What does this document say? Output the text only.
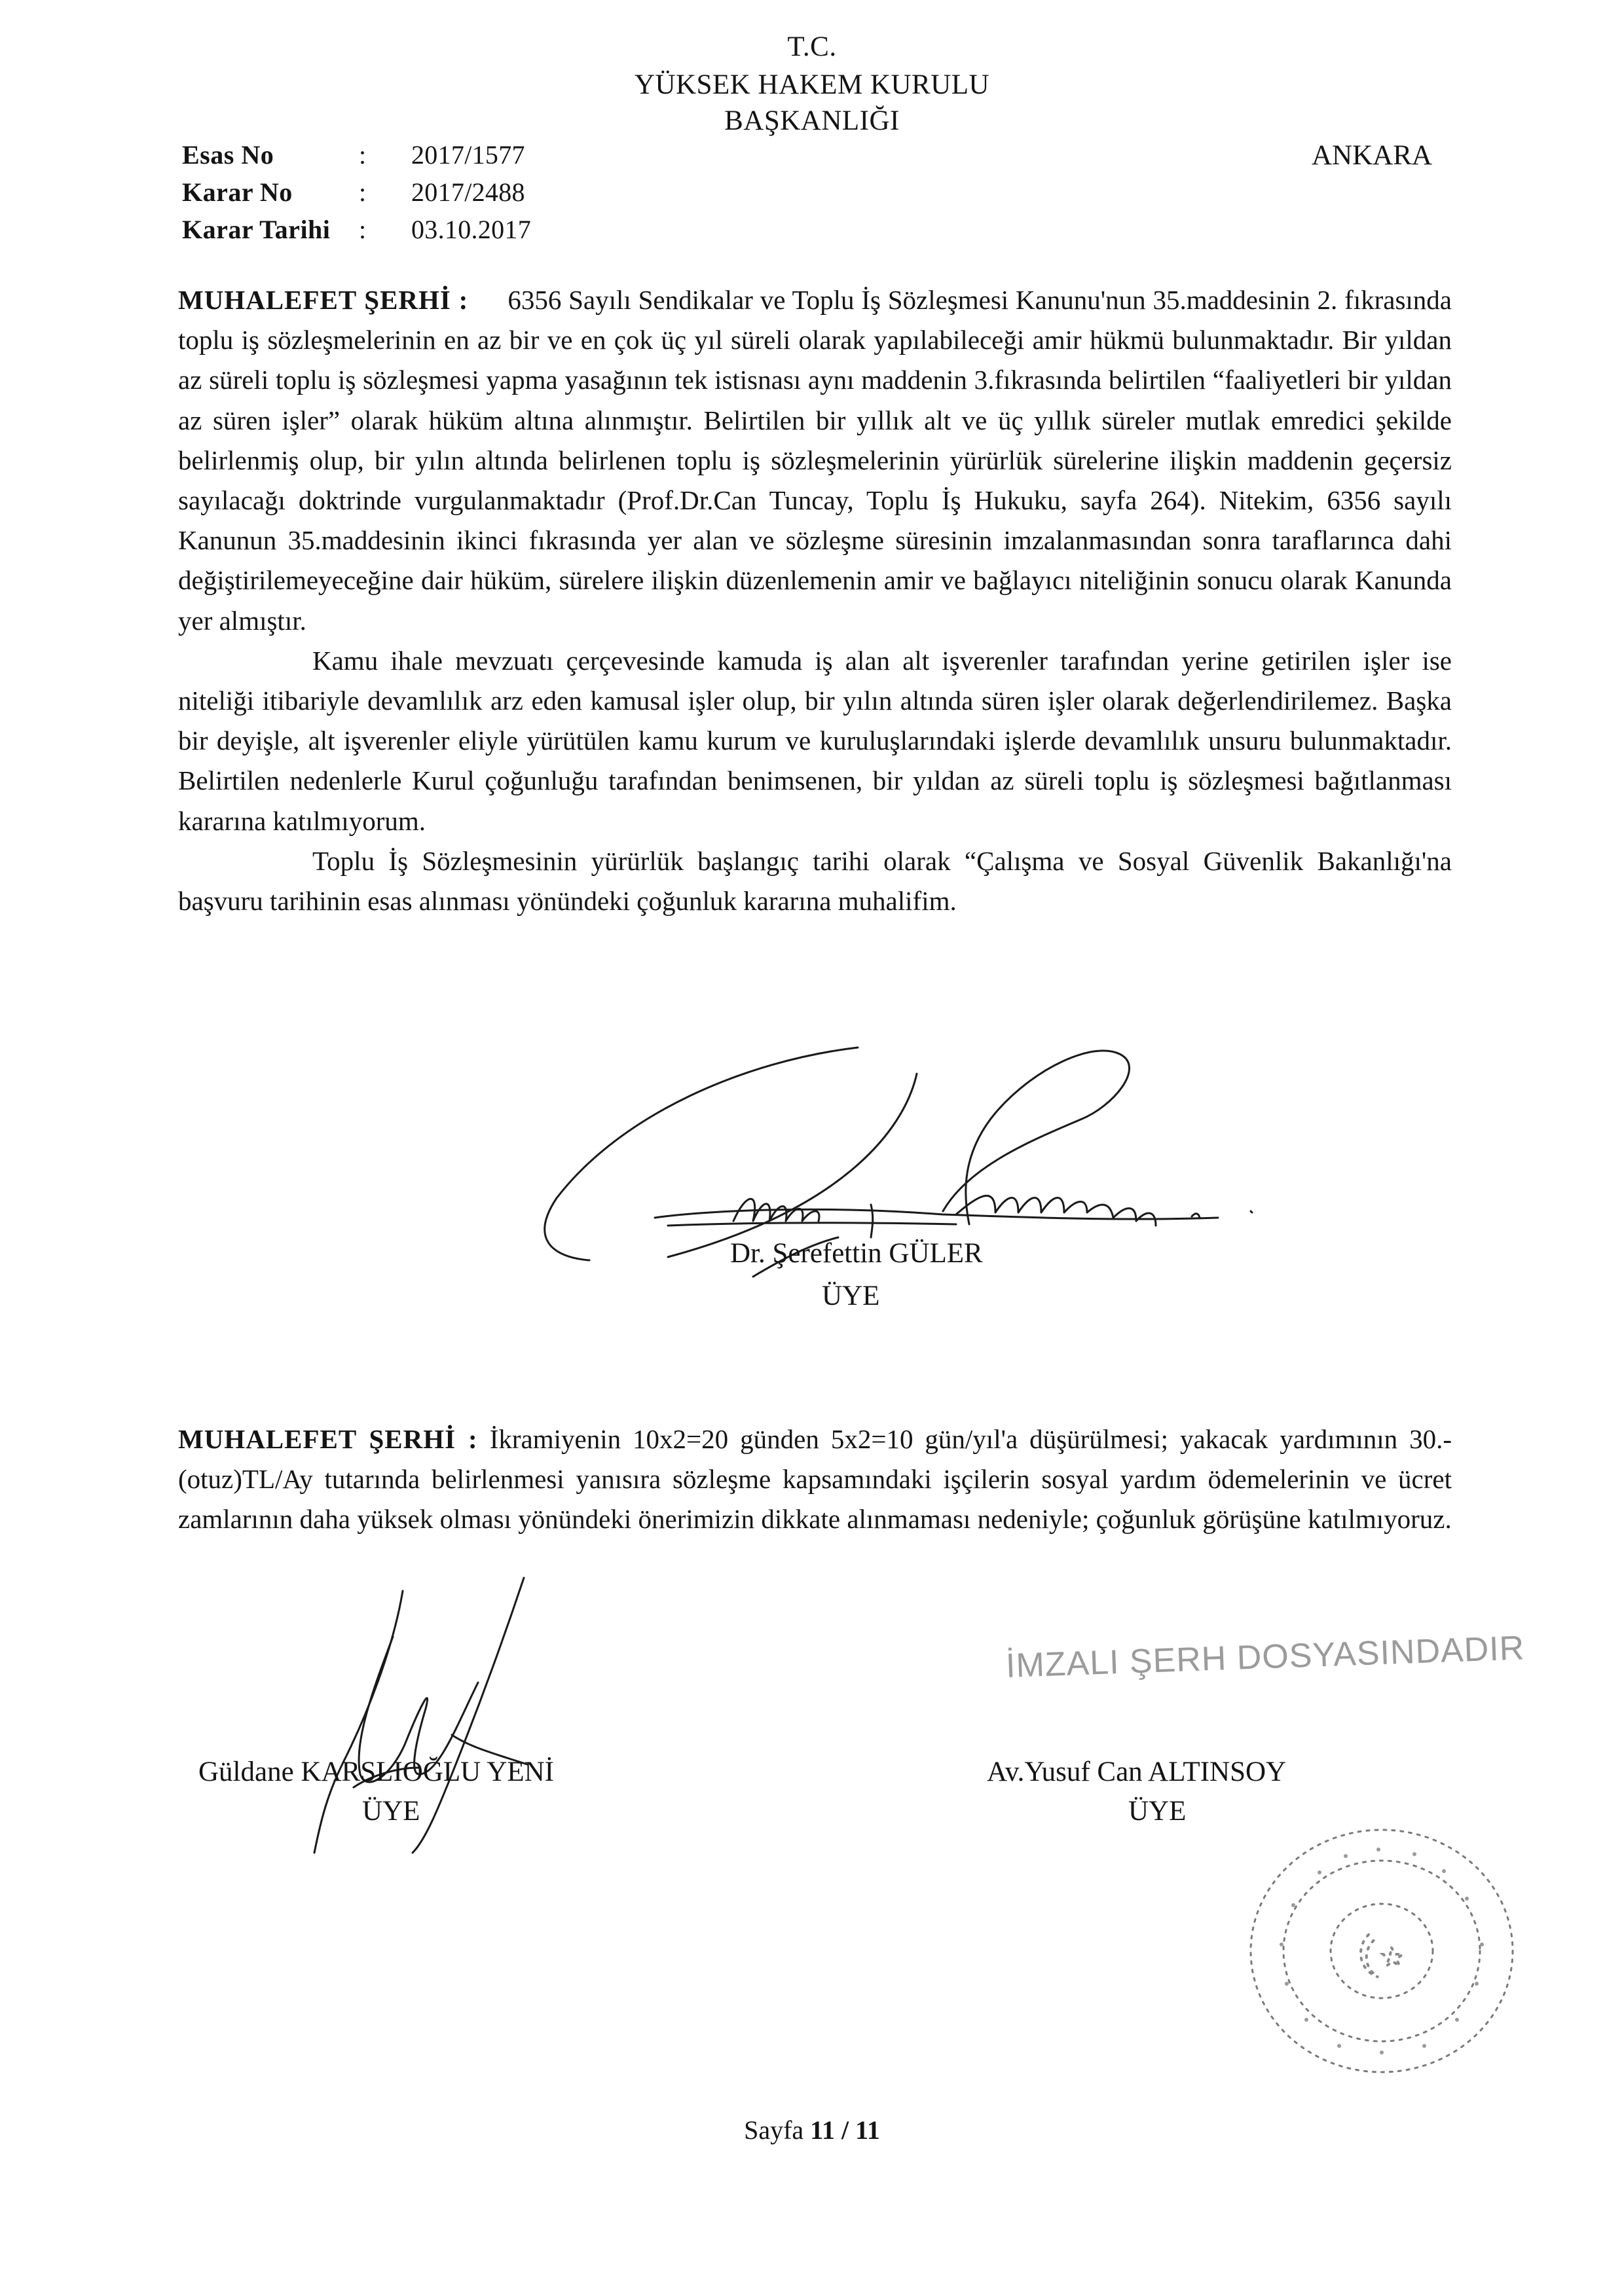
T.C.
YÜKSEK HAKEM KURULU
BAŞKANLIĞI
ANKARA
Esas No	:	2017/1577
Karar No	:	2017/2488
Karar Tarihi	:	03.10.2017

MUHALEFET ŞERHİ : 6356 Sayılı Sendikalar ve Toplu İş Sözleşmesi Kanunu'nun 35.maddesinin 2. fıkrasında toplu iş sözleşmelerinin en az bir ve en çok üç yıl süreli olarak yapılabileceği amir hükmü bulunmaktadır. Bir yıldan az süreli toplu iş sözleşmesi yapma yasağının tek istisnası aynı maddenin 3.fıkrasında belirtilen “faaliyetleri bir yıldan az süren işler” olarak hüküm altına alınmıştır. Belirtilen bir yıllık alt ve üç yıllık süreler mutlak emredici şekilde belirlenmiş olup, bir yılın altında belirlenen toplu iş sözleşmelerinin yürürlük sürelerine ilişkin maddenin geçersiz sayılacağı doktrinde vurgulanmaktadır (Prof.Dr.Can Tuncay, Toplu İş Hukuku, sayfa 264). Nitekim, 6356 sayılı Kanunun 35.maddesinin ikinci fıkrasında yer alan ve sözleşme süresinin imzalanmasından sonra taraflarınca dahi değiştirilemeyeceğine dair hüküm, sürelere ilişkin düzenlemenin amir ve bağlayıcı niteliğinin sonucu olarak Kanunda yer almıştır.

Kamu ihale mevzuatı çerçevesinde kamuda iş alan alt işverenler tarafından yerine getirilen işler ise niteliği itibariyle devamlılık arz eden kamusal işler olup, bir yılın altında süren işler olarak değerlendirilemez. Başka bir deyişle, alt işverenler eliyle yürütülen kamu kurum ve kuruluşlarındaki işlerde devamlılık unsuru bulunmaktadır. Belirtilen nedenlerle Kurul çoğunluğu tarafından benimsenen, bir yıldan az süreli toplu iş sözleşmesi bağıtlanması kararına katılmıyorum.

Toplu İş Sözleşmesinin yürürlük başlangıç tarihi olarak “Çalışma ve Sosyal Güvenlik Bakanlığı'na başvuru tarihinin esas alınması yönündeki çoğunluk kararına muhalifim.

Dr. Şerefettin GÜLER
ÜYE

MUHALEFET ŞERHİ : İkramiyenin 10x2=20 günden 5x2=10 gün/yıl'a düşürülmesi; yakacak yardımının 30.-(otuz)TL/Ay tutarında belirlenmesi yanısıra sözleşme kapsamındaki işçilerin sosyal yardım ödemelerinin ve ücret zamlarının daha yüksek olması yönündeki önerimizin dikkate alınmaması nedeniyle; çoğunluk görüşüne katılmıyoruz.

Güldane KARSLIOĞLU YENİ
ÜYE
İMZALI ŞERH DOSYASINDADIR
Av.Yusuf Can ALTINSOY
ÜYE
Sayfa 11 / 11
